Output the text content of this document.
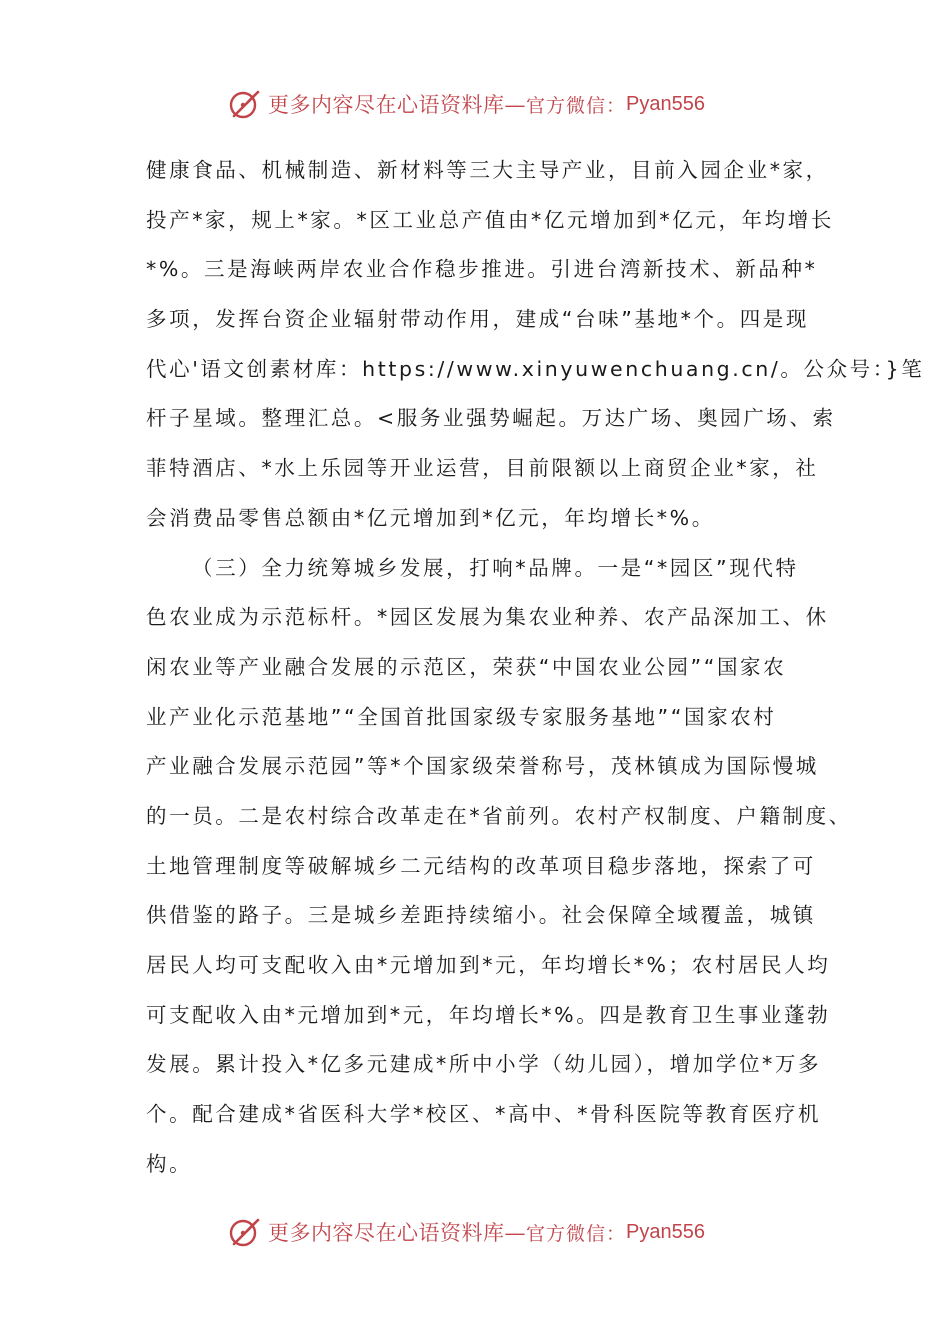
更多内容尽在心语资料库— 官方微信： Pyan556
健康食品、机械制造、新材料等三大主导产业，目前入园企业*家，
投产*家，规上*家。*区工业总产值由*亿元增加到*亿元，年均增长
*%。三是海峡两岸农业合作稳步推进。引进台湾新技术、新品种*
多项，发挥台资企业辐射带动作用，建成“台味”基地*个。四是现
代心'语文创素材库：https://www.xinyuwenchuang.cn/。公众号：}笔
杆子星域。整理汇总。<服务业强势崛起。万达广场、奥园广场、索
菲特酒店、*水上乐园等开业运营，目前限额以上商贸企业*家，社
会消费品零售总额由*亿元增加到*亿元，年均增长*%。
（三）全力统筹城乡发展，打响*品牌。一是“*园区”现代特
色农业成为示范标杆。*园区发展为集农业种养、农产品深加工、休
闲农业等产业融合发展的示范区，荣获“中国农业公园”“国家农
业产业化示范基地”“全国首批国家级专家服务基地”“国家农村
产业融合发展示范园”等*个国家级荣誉称号，茂林镇成为国际慢城
的一员。二是农村综合改革走在*省前列。农村产权制度、户籍制度、
土地管理制度等破解城乡二元结构的改革项目稳步落地，探索了可
供借鉴的路子。三是城乡差距持续缩小。社会保障全域覆盖，城镇
居民人均可支配收入由*元增加到*元，年均增长*%；农村居民人均
可支配收入由*元增加到*元，年均增长*%。四是教育卫生事业蓬勃
发展。累计投入*亿多元建成*所中小学（幼儿园），增加学位*万多
个。配合建成*省医科大学*校区、*高中、*骨科医院等教育医疗机
构。
更多内容尽在心语资料库— 官方微信： Pyan556
